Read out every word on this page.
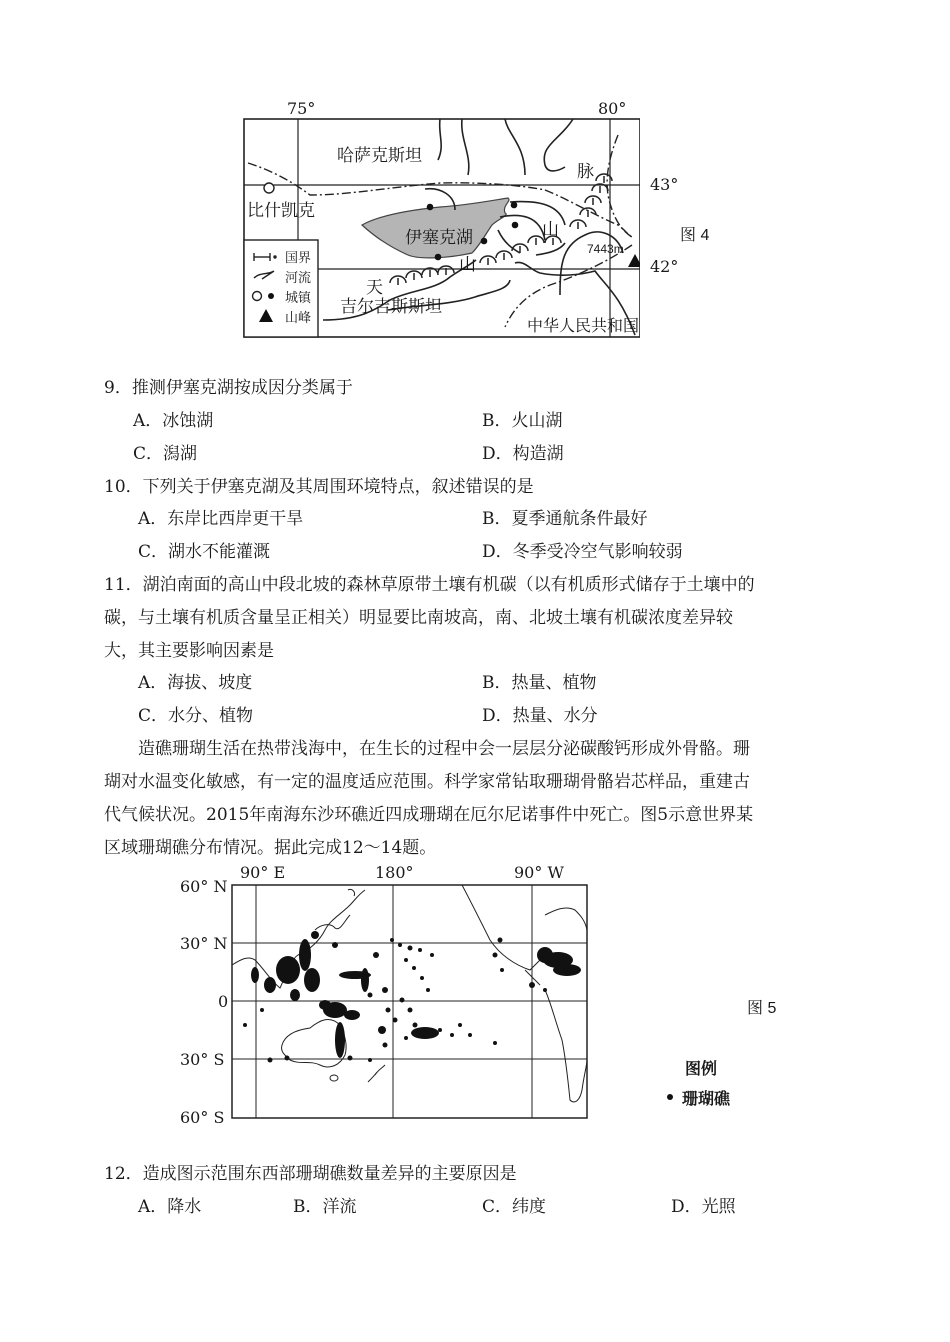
75°	80°
43°
42°
哈萨克斯坦
比什凯克
伊塞克湖
吉尔吉斯斯坦
中华人民共和国
天
山
山
脉
7443m
国界
河流
城镇
山峰
图 4
9．推测伊塞克湖按成因分类属于
A．冰蚀湖	B．火山湖
C．潟湖	D．构造湖
10．下列关于伊塞克湖及其周围环境特点，叙述错误的是
A．东岸比西岸更干旱	B．夏季通航条件最好
C．湖水不能灌溉	D．冬季受冷空气影响较弱
11．湖泊南面的高山中段北坡的森林草原带土壤有机碳（以有机质形式储存于土壤中的
碳，与土壤有机质含量呈正相关）明显要比南坡高，南、北坡土壤有机碳浓度差异较
大，其主要影响因素是
A．海拔、坡度	B．热量、植物
C．水分、植物	D．热量、水分
造礁珊瑚生活在热带浅海中，在生长的过程中会一层层分泌碳酸钙形成外骨骼。珊
瑚对水温变化敏感，有一定的温度适应范围。科学家常钻取珊瑚骨骼岩芯样品，重建古
代气候状况。2015年南海东沙环礁近四成珊瑚在厄尔尼诺事件中死亡。图5示意世界某
区域珊瑚礁分布情况。据此完成12～14题。
90° E	180°	90° W
60° N
30° N
0
30° S
60° S
图例
珊瑚礁
图 5
12．造成图示范围东西部珊瑚礁数量差异的主要原因是
A．降水	B．洋流	C．纬度	D．光照
